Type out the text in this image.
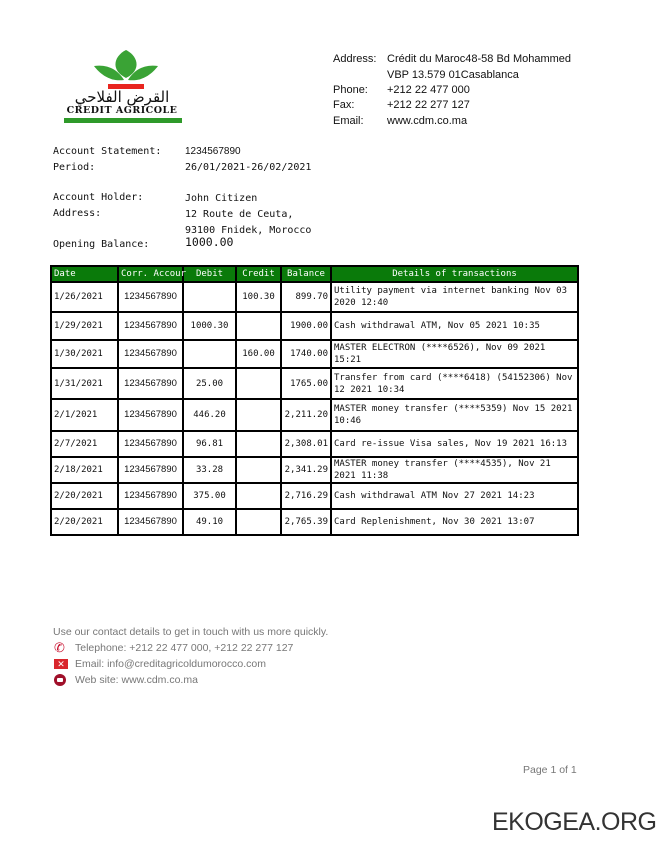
القرض الفلاحي
CREDIT AGRICOLE
Address: Crédit du Maroc48-58 Bd Mohammed
VBP 13.579 01Casablanca
Phone: +212 22 477 000
Fax:	+212 22 277 127
Email: www.cdm.co.ma
Account Statement: 1234567890
Period:	26/01/2021-26/02/2021
Account Holder:	John Citizen
Address:	12 Route de Ceuta,
93100 Fnidek, Morocco
Opening Balance:	1000.00
Date	Corr. Accour	Debit	Credit	Balance	Details of transactions
1/26/2021	1234567890		100.30	899.70	Utility payment via internet banking Nov 03 2020 12:40
1/29/2021	1234567890	1000.30		1900.00	Cash withdrawal ATM, Nov 05 2021 10:35
1/30/2021	1234567890		160.00	1740.00	MASTER ELECTRON (****6526), Nov 09 2021 15:21
1/31/2021	1234567890	25.00		1765.00	Transfer from card (****6418) (54152306) Nov 12 2021 10:34
2/1/2021	1234567890	446.20		2,211.20	MASTER money transfer (****5359) Nov 15 2021 10:46
2/7/2021	1234567890	96.81		2,308.01	Card re-issue Visa sales, Nov 19 2021 16:13
2/18/2021	1234567890	33.28		2,341.29	MASTER money transfer (****4535), Nov 21 2021 11:38
2/20/2021	1234567890	375.00		2,716.29	Cash withdrawal ATM Nov 27 2021 14:23
2/20/2021	1234567890	49.10		2,765.39	Card Replenishment, Nov 30 2021 13:07
Use our contact details to get in touch with us more quickly.
✆ Telephone: +212 22 477 000, +212 22 277 127
✕ Email: info@creditagricoldumorocco.com
Web site: www.cdm.co.ma
Page 1 of 1
EKOGEA.ORG
